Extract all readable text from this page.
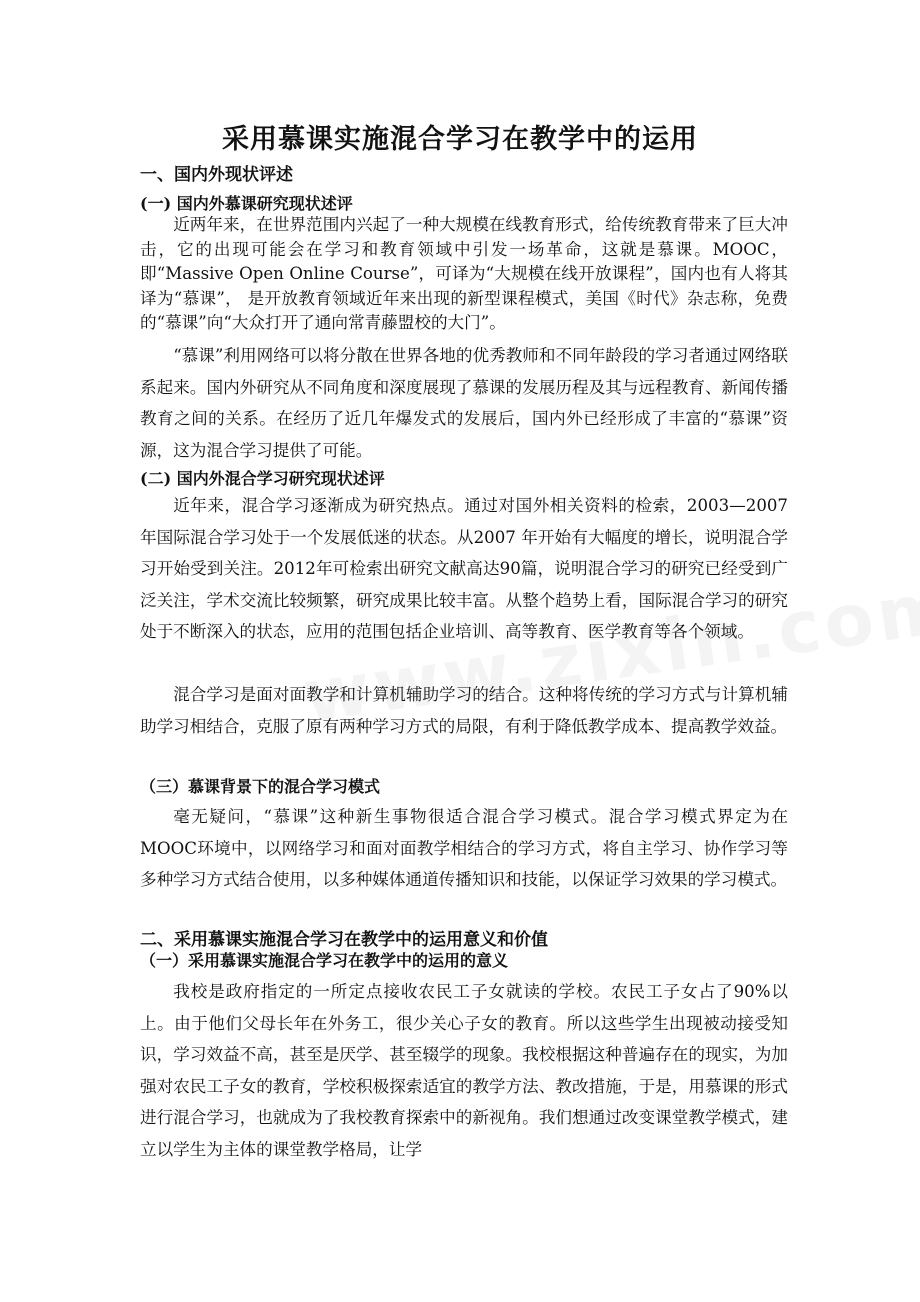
采用慕课实施混合学习在教学中的运用
一、国内外现状评述
(一) 国内外慕课研究现状述评

近两年来，在世界范围内兴起了一种大规模在线教育形式，给传统教育带来了巨大冲击，它的出现可能会在学习和教育领域中引发一场革命，这就是慕课。MOOC，即“Massive Open Online Course”，可译为“大规模在线开放课程”，国内也有人将其译为“慕课”， 是开放教育领域近年来出现的新型课程模式，美国《时代》杂志称，免费的“慕课”向“大众打开了通向常青藤盟校的大门”。

“慕课”利用网络可以将分散在世界各地的优秀教师和不同年龄段的学习者通过网络联系起来。国内外研究从不同角度和深度展现了慕课的发展历程及其与远程教育、新闻传播教育之间的关系。在经历了近几年爆发式的发展后，国内外已经形成了丰富的“慕课”资源，这为混合学习提供了可能。

(二) 国内外混合学习研究现状述评

近年来，混合学习逐渐成为研究热点。通过对国外相关资料的检索，2003—2007 年国际混合学习处于一个发展低迷的状态。从2007 年开始有大幅度的增长，说明混合学习开始受到关注。2012年可检索出研究文献高达90篇，说明混合学习的研究已经受到广泛关注，学术交流比较频繁，研究成果比较丰富。从整个趋势上看，国际混合学习的研究处于不断深入的状态，应用的范围包括企业培训、高等教育、医学教育等各个领域。

混合学习是面对面教学和计算机辅助学习的结合。这种将传统的学习方式与计算机辅助学习相结合，克服了原有两种学习方式的局限，有利于降低教学成本、提高教学效益。

（三）慕课背景下的混合学习模式

毫无疑问，“慕课”这种新生事物很适合混合学习模式。混合学习模式界定为在MOOC环境中，以网络学习和面对面教学相结合的学习方式，将自主学习、协作学习等多种学习方式结合使用，以多种媒体通道传播知识和技能，以保证学习效果的学习模式。

二、采用慕课实施混合学习在教学中的运用意义和价值
（一）采用慕课实施混合学习在教学中的运用的意义

我校是政府指定的一所定点接收农民工子女就读的学校。农民工子女占了90%以上。由于他们父母长年在外务工，很少关心子女的教育。所以这些学生出现被动接受知识，学习效益不高，甚至是厌学、甚至辍学的现象。我校根据这种普遍存在的现实，为加强对农民工子女的教育，学校积极探索适宜的教学方法、教改措施，于是，用慕课的形式进行混合学习，也就成为了我校教育探索中的新视角。我们想通过改变课堂教学模式，建立以学生为主体的课堂教学格局，让学
